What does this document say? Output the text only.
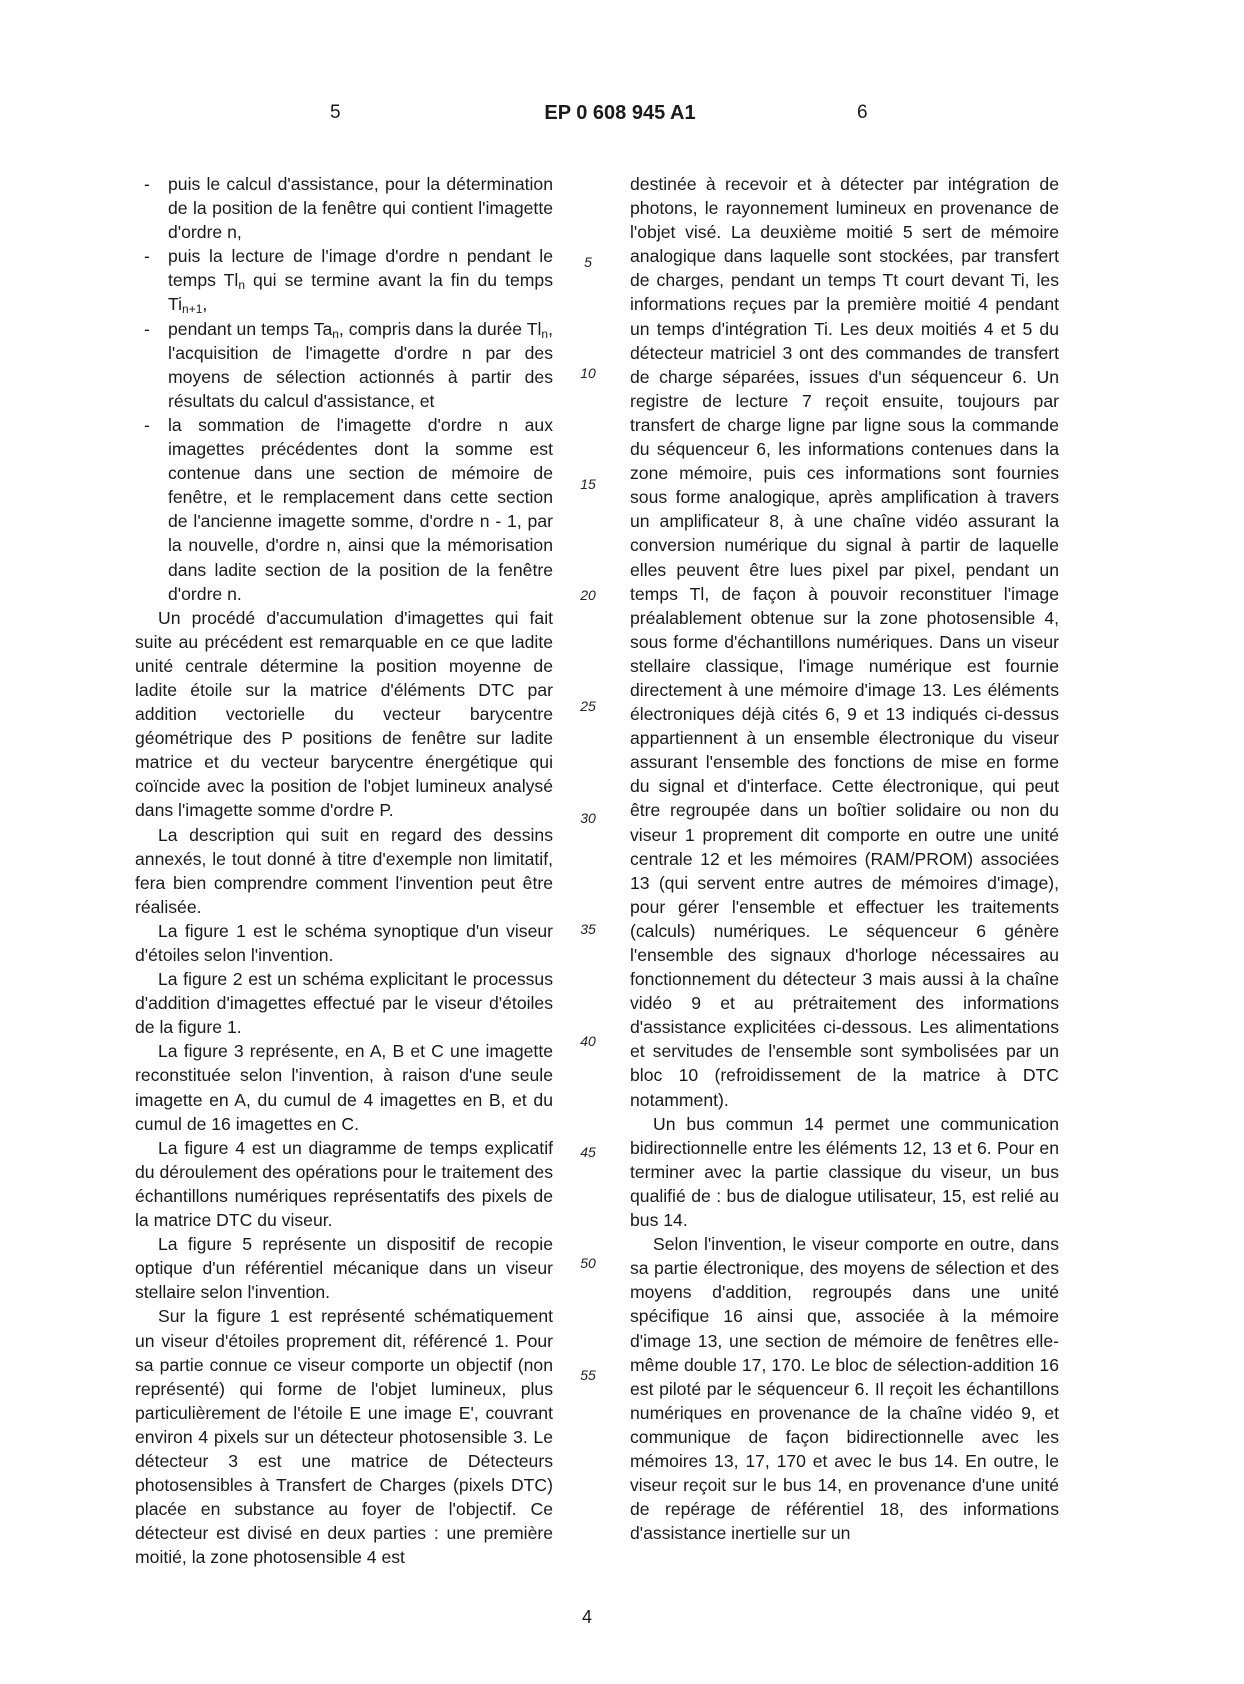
5	EP 0 608 945 A1	6
- puis le calcul d'assistance, pour la détermination de la position de la fenêtre qui contient l'imagette d'ordre n,
- puis la lecture de l'image d'ordre n pendant le temps $Tl_n$ qui se termine avant la fin du temps $Ti_{n+1}$,
- pendant un temps $Ta_n$, compris dans la durée $Tl_n$, l'acquisition de l'imagette d'ordre n par des moyens de sélection actionnés à partir des résultats du calcul d'assistance, et
- la sommation de l'imagette d'ordre n aux imagettes précédentes dont la somme est contenue dans une section de mémoire de fenêtre, et le remplacement dans cette section de l'ancienne imagette somme, d'ordre n - 1, par la nouvelle, d'ordre n, ainsi que la mémorisation dans ladite section de la position de la fenêtre d'ordre n.

Un procédé d'accumulation d'imagettes qui fait suite au précédent est remarquable en ce que ladite unité centrale détermine la position moyenne de ladite étoile sur la matrice d'éléments DTC par addition vectorielle du vecteur barycentre géométrique des P positions de fenêtre sur ladite matrice et du vecteur barycentre énergétique qui coïncide avec la position de l'objet lumineux analysé dans l'imagette somme d'ordre P.

La description qui suit en regard des dessins annexés, le tout donné à titre d'exemple non limitatif, fera bien comprendre comment l'invention peut être réalisée.

La figure 1 est le schéma synoptique d'un viseur d'étoiles selon l'invention.

La figure 2 est un schéma explicitant le processus d'addition d'imagettes effectué par le viseur d'étoiles de la figure 1.

La figure 3 représente, en A, B et C une imagette reconstituée selon l'invention, à raison d'une seule imagette en A, du cumul de 4 imagettes en B, et du cumul de 16 imagettes en C.

La figure 4 est un diagramme de temps explicatif du déroulement des opérations pour le traitement des échantillons numériques représentatifs des pixels de la matrice DTC du viseur.

La figure 5 représente un dispositif de recopie optique d'un référentiel mécanique dans un viseur stellaire selon l'invention.

Sur la figure 1 est représenté schématiquement un viseur d'étoiles proprement dit, référencé 1. Pour sa partie connue ce viseur comporte un objectif (non représenté) qui forme de l'objet lumineux, plus particulièrement de l'étoile E une image E', couvrant environ 4 pixels sur un détecteur photosensible 3. Le détecteur 3 est une matrice de Détecteurs photosensibles à Transfert de Charges (pixels DTC) placée en substance au foyer de l'objectif. Ce détecteur est divisé en deux parties : une première moitié, la zone photosensible 4 est

5
10
15
20
25
30
35
40
45
50
55

destinée à recevoir et à détecter par intégration de photons, le rayonnement lumineux en provenance de l'objet visé. La deuxième moitié 5 sert de mémoire analogique dans laquelle sont stockées, par transfert de charges, pendant un temps Tt court devant Ti, les informations reçues par la première moitié 4 pendant un temps d'intégration Ti. Les deux moitiés 4 et 5 du détecteur matriciel 3 ont des commandes de transfert de charge séparées, issues d'un séquenceur 6. Un registre de lecture 7 reçoit ensuite, toujours par transfert de charge ligne par ligne sous la commande du séquenceur 6, les informations contenues dans la zone mémoire, puis ces informations sont fournies sous forme analogique, après amplification à travers un amplificateur 8, à une chaîne vidéo assurant la conversion numérique du signal à partir de laquelle elles peuvent être lues pixel par pixel, pendant un temps Tl, de façon à pouvoir reconstituer l'image préalablement obtenue sur la zone photosensible 4, sous forme d'échantillons numériques. Dans un viseur stellaire classique, l'image numérique est fournie directement à une mémoire d'image 13. Les éléments électroniques déjà cités 6, 9 et 13 indiqués ci-dessus appartiennent à un ensemble électronique du viseur assurant l'ensemble des fonctions de mise en forme du signal et d'interface. Cette électronique, qui peut être regroupée dans un boîtier solidaire ou non du viseur 1 proprement dit comporte en outre une unité centrale 12 et les mémoires (RAM/PROM) associées 13 (qui servent entre autres de mémoires d'image), pour gérer l'ensemble et effectuer les traitements (calculs) numériques. Le séquenceur 6 génère l'ensemble des signaux d'horloge nécessaires au fonctionnement du détecteur 3 mais aussi à la chaîne vidéo 9 et au prétraitement des informations d'assistance explicitées ci-dessous. Les alimentations et servitudes de l'ensemble sont symbolisées par un bloc 10 (refroidissement de la matrice à DTC notamment).

Un bus commun 14 permet une communication bidirectionnelle entre les éléments 12, 13 et 6. Pour en terminer avec la partie classique du viseur, un bus qualifié de : bus de dialogue utilisateur, 15, est relié au bus 14.

Selon l'invention, le viseur comporte en outre, dans sa partie électronique, des moyens de sélection et des moyens d'addition, regroupés dans une unité spécifique 16 ainsi que, associée à la mémoire d'image 13, une section de mémoire de fenêtres elle-même double 17, 170. Le bloc de sélection-addition 16 est piloté par le séquenceur 6. Il reçoit les échantillons numériques en provenance de la chaîne vidéo 9, et communique de façon bidirectionnelle avec les mémoires 13, 17, 170 et avec le bus 14. En outre, le viseur reçoit sur le bus 14, en provenance d'une unité de repérage de référentiel 18, des informations d'assistance inertielle sur un

4
